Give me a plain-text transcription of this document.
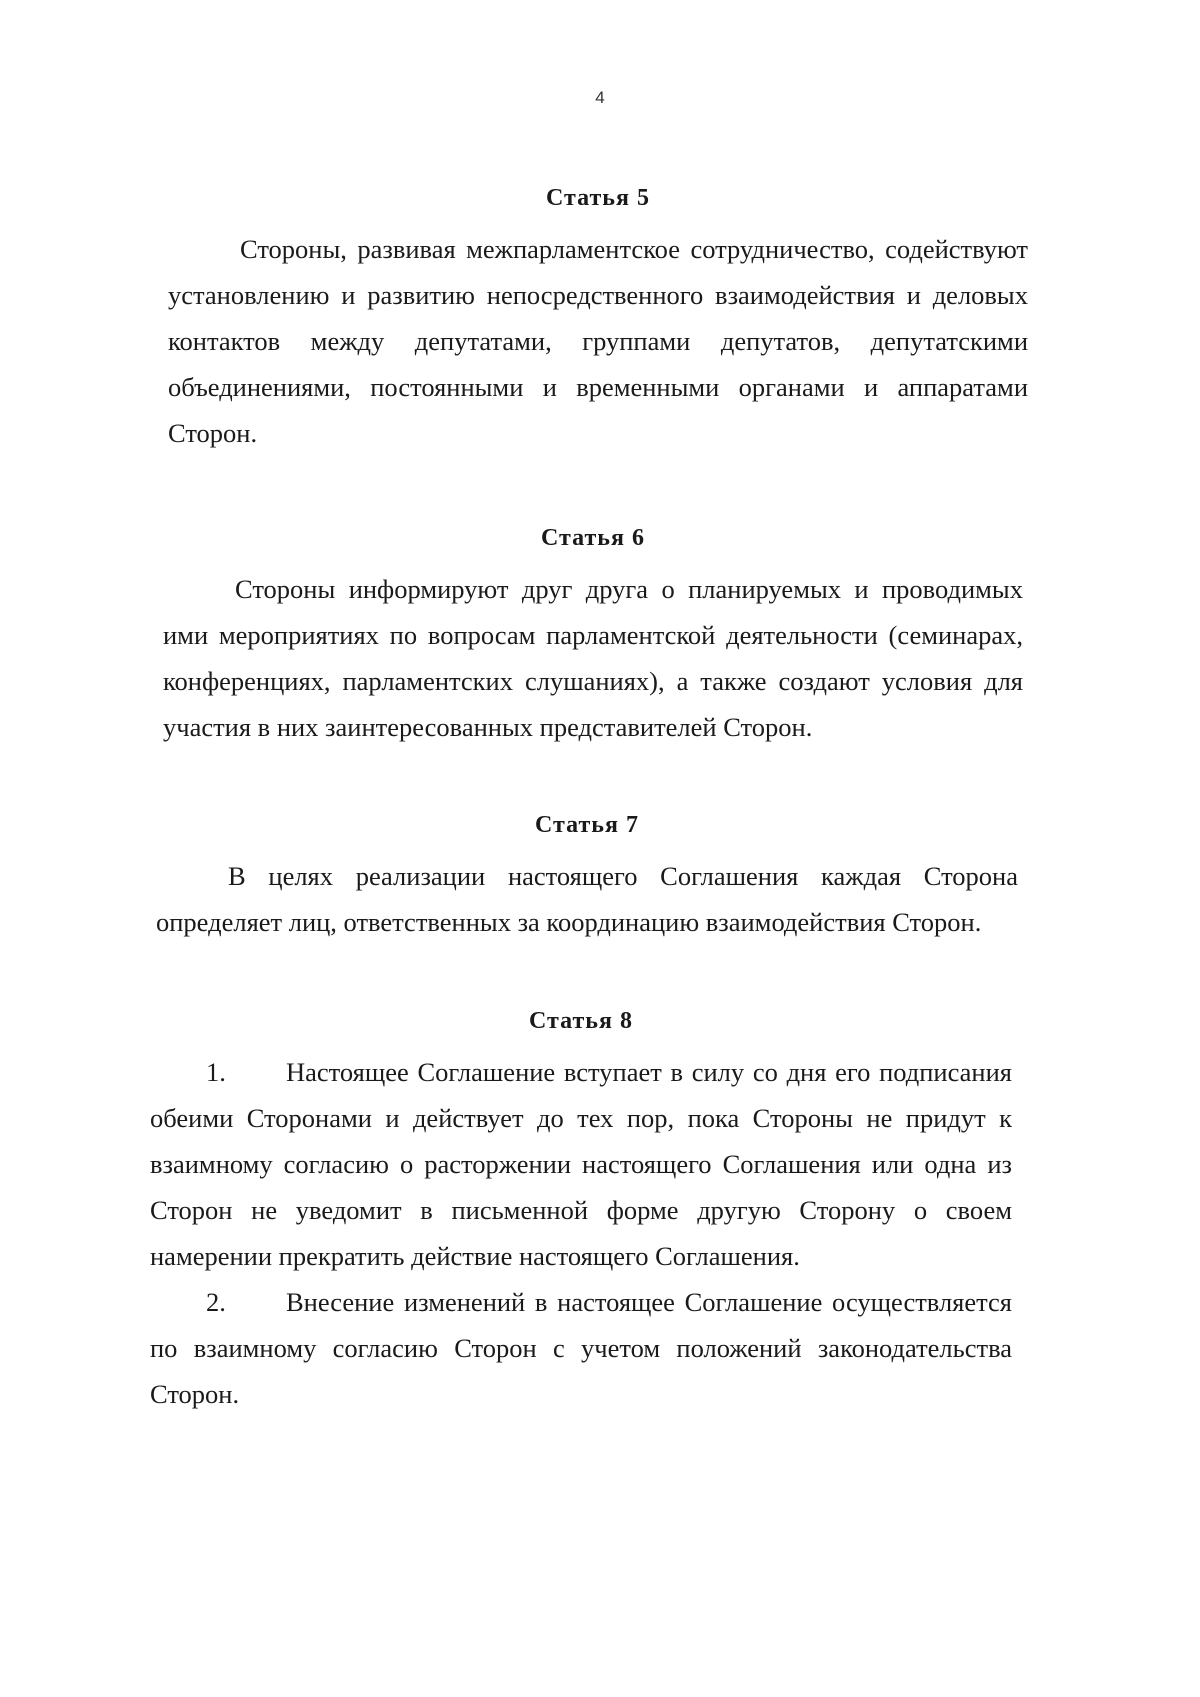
4
Статья 5

Стороны, развивая межпарламентское сотрудничество, содействуют установлению и развитию непосредственного взаимодействия и деловых контактов между депутатами, группами депутатов, депутатскими объединениями, постоянными и временными органами и аппаратами Сторон.

Статья 6

Стороны информируют друг друга о планируемых и проводимых ими мероприятиях по вопросам парламентской деятельности (семинарах, конференциях, парламентских слушаниях), а также создают условия для участия в них заинтересованных представителей Сторон.

Статья 7

В целях реализации настоящего Соглашения каждая Сторона определяет лиц, ответственных за координацию взаимодействия Сторон.

Статья 8

1. Настоящее Соглашение вступает в силу со дня его подписания обеими Сторонами и действует до тех пор, пока Стороны не придут к взаимному согласию о расторжении настоящего Соглашения или одна из Сторон не уведомит в письменной форме другую Сторону о своем намерении прекратить действие настоящего Соглашения.

2. Внесение изменений в настоящее Соглашение осуществляется по взаимному согласию Сторон с учетом положений законодательства Сторон.
